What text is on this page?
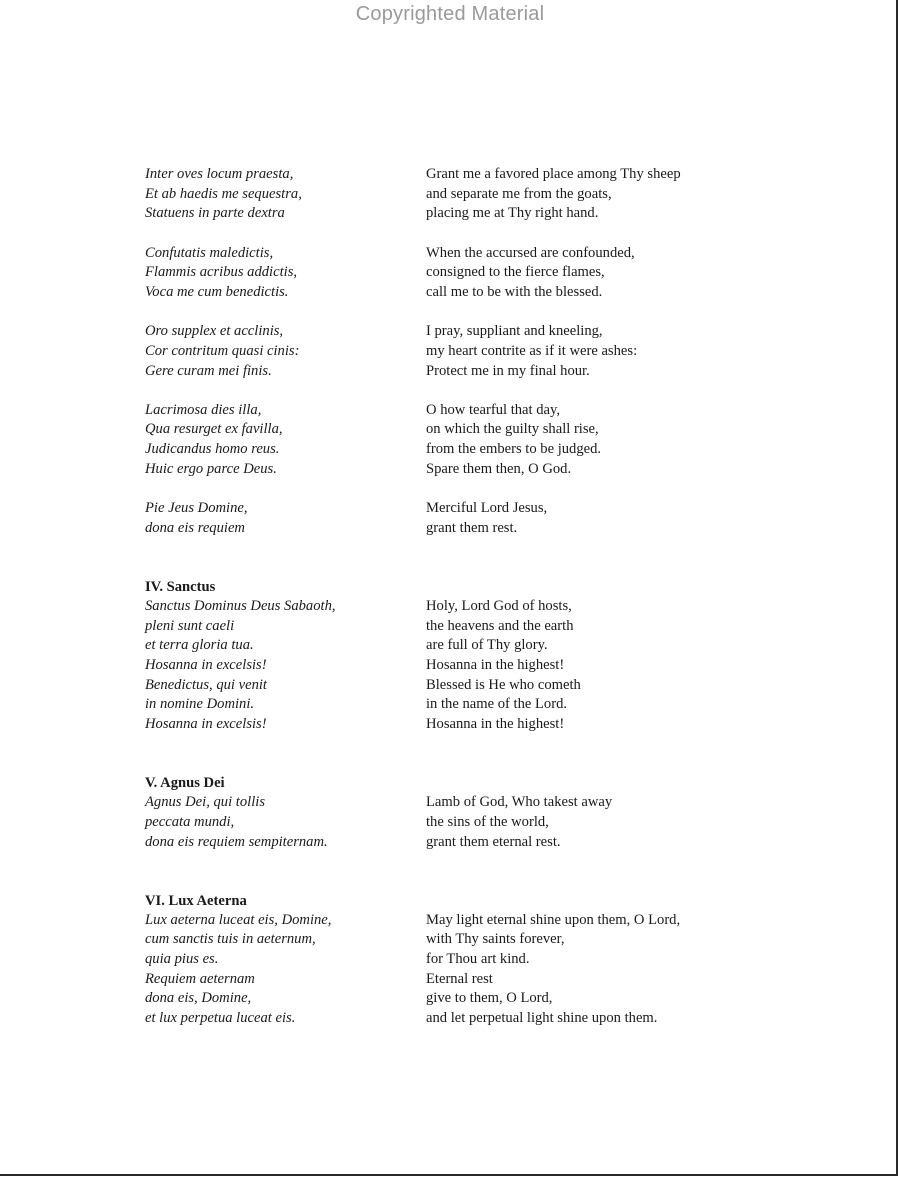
Copyrighted Material
Inter oves locum praesta,	Grant me a favored place among Thy sheep
Et ab haedis me sequestra,	and separate me from the goats,
Statuens in parte dextra	placing me at Thy right hand.
Confutatis maledictis,	When the accursed are confounded,
Flammis acribus addictis,	consigned to the fierce flames,
Voca me cum benedictis.	call me to be with the blessed.
Oro supplex et acclinis,	I pray, suppliant and kneeling,
Cor contritum quasi cinis:	my heart contrite as if it were ashes:
Gere curam mei finis.	Protect me in my final hour.
Lacrimosa dies illa,	O how tearful that day,
Qua resurget ex favilla,	on which the guilty shall rise,
Judicandus homo reus.	from the embers to be judged.
Huic ergo parce Deus.	Spare them then, O God.
Pie Jeus Domine,	Merciful Lord Jesus,
dona eis requiem	grant them rest.
IV. Sanctus
Sanctus Dominus Deus Sabaoth,	Holy, Lord God of hosts,
pleni sunt caeli	the heavens and the earth
et terra gloria tua.	are full of Thy glory.
Hosanna in excelsis!	Hosanna in the highest!
Benedictus, qui venit	Blessed is He who cometh
in nomine Domini.	in the name of the Lord.
Hosanna in excelsis!	Hosanna in the highest!
V. Agnus Dei
Agnus Dei, qui tollis	Lamb of God, Who takest away
peccata mundi,	the sins of the world,
dona eis requiem sempiternam.	grant them eternal rest.
VI. Lux Aeterna
Lux aeterna luceat eis, Domine,	May light eternal shine upon them, O Lord,
cum sanctis tuis in aeternum,	with Thy saints forever,
quia pius es.	for Thou art kind.
Requiem aeternam	Eternal rest
dona eis, Domine,	give to them, O Lord,
et lux perpetua luceat eis.	and let perpetual light shine upon them.
